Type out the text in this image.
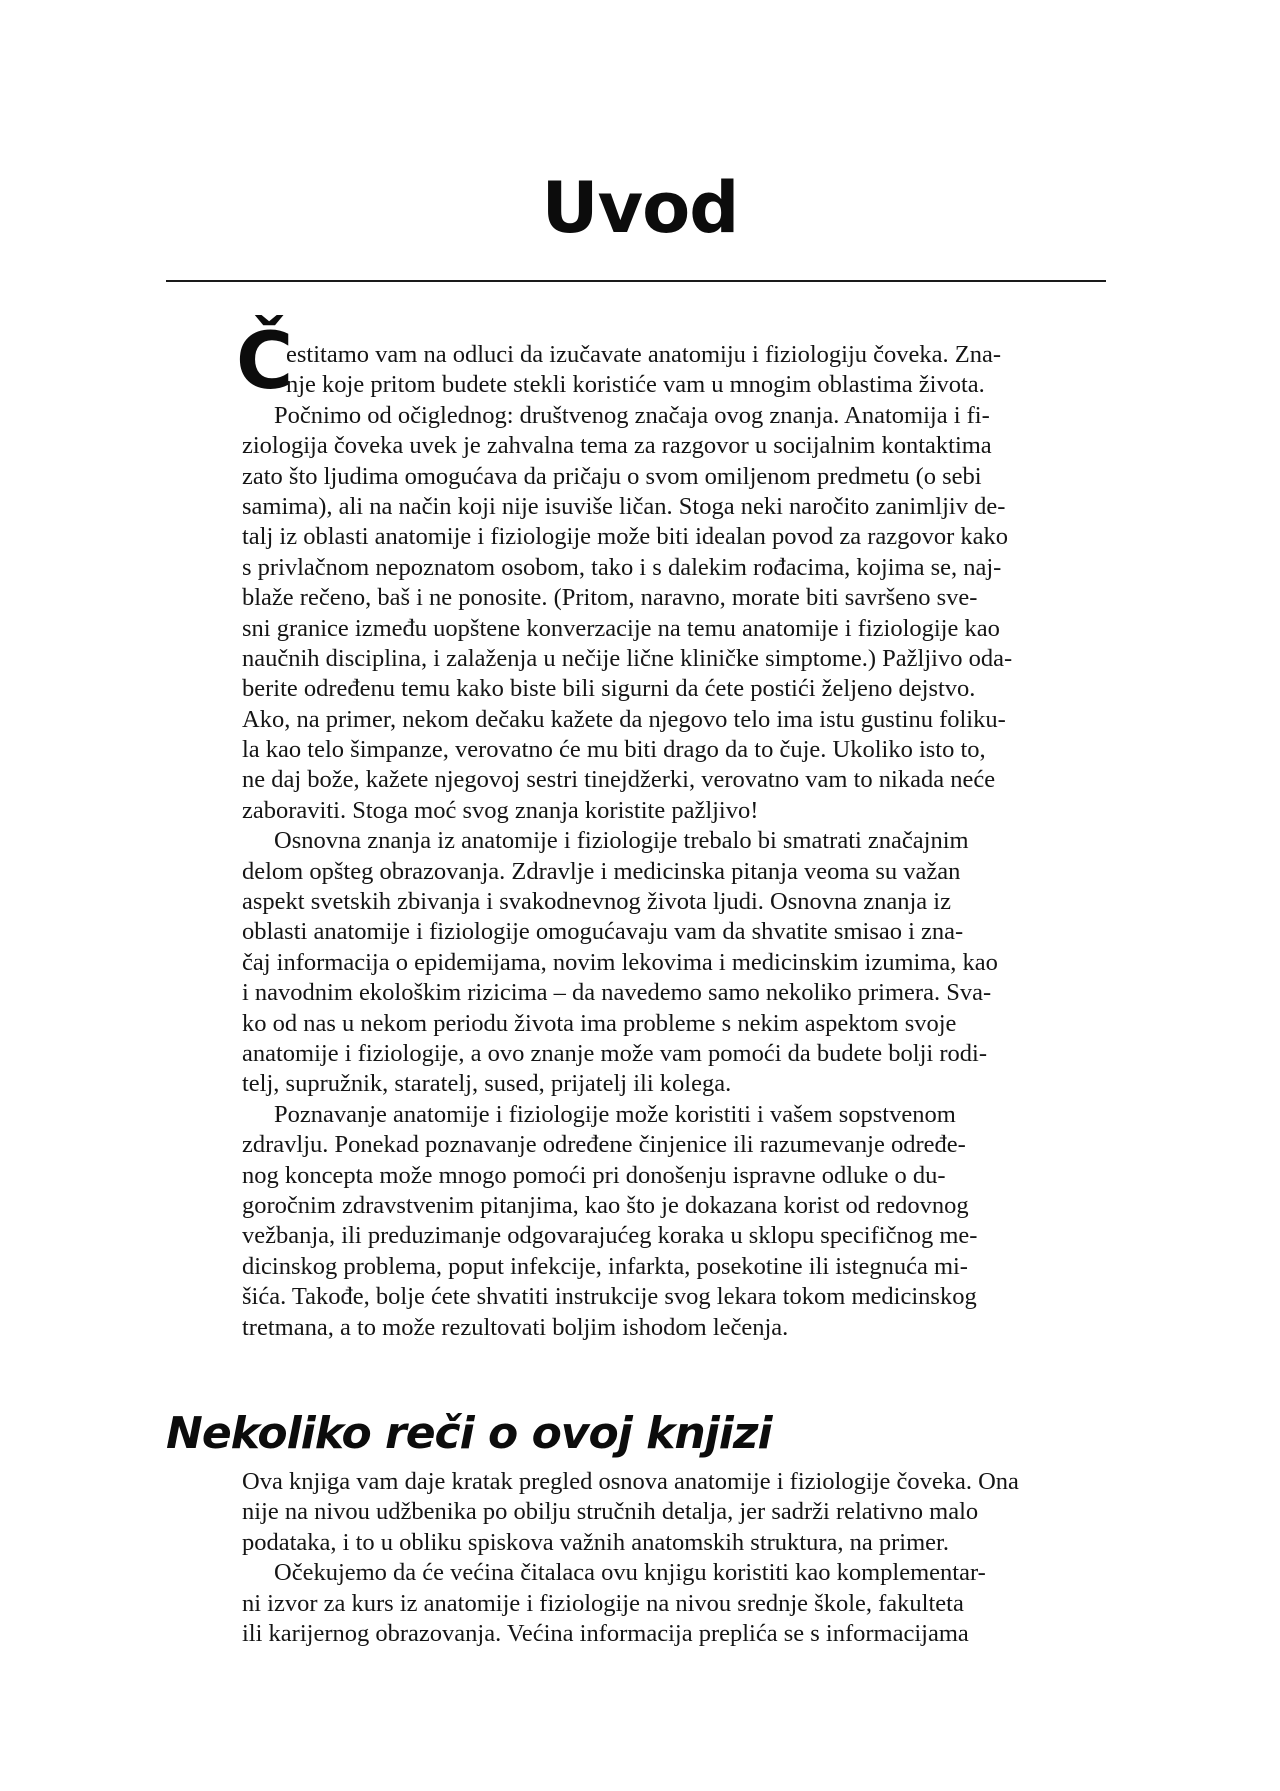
Uvod
Č
estitamo vam na odluci da izučavate anatomiju i fiziologiju čoveka. Zna-
nje koje pritom budete stekli koristiće vam u mnogim oblastima života.
Počnimo od očiglednog: društvenog značaja ovog znanja. Anatomija i fi-
ziologija čoveka uvek je zahvalna tema za razgovor u socijalnim kontaktima
zato što ljudima omogućava da pričaju o svom omiljenom predmetu (o sebi
samima), ali na način koji nije isuviše ličan. Stoga neki naročito zanimljiv de-
talj iz oblasti anatomije i fiziologije može biti idealan povod za razgovor kako
s privlačnom nepoznatom osobom, tako i s dalekim rođacima, kojima se, naj-
blaže rečeno, baš i ne ponosite. (Pritom, naravno, morate biti savršeno sve-
sni granice između uopštene konverzacije na temu anatomije i fiziologije kao
naučnih disciplina, i zalaženja u nečije lične kliničke simptome.) Pažljivo oda-
berite određenu temu kako biste bili sigurni da ćete postići željeno dejstvo.
Ako, na primer, nekom dečaku kažete da njegovo telo ima istu gustinu foliku-
la kao telo šimpanze, verovatno će mu biti drago da to čuje. Ukoliko isto to,
ne daj bože, kažete njegovoj sestri tinejdžerki, verovatno vam to nikada neće
zaboraviti. Stoga moć svog znanja koristite pažljivo!
Osnovna znanja iz anatomije i fiziologije trebalo bi smatrati značajnim
delom opšteg obrazovanja. Zdravlje i medicinska pitanja veoma su važan
aspekt svetskih zbivanja i svakodnevnog života ljudi. Osnovna znanja iz
oblasti anatomije i fiziologije omogućavaju vam da shvatite smisao i zna-
čaj informacija o epidemijama, novim lekovima i medicinskim izumima, kao
i navodnim ekološkim rizicima – da navedemo samo nekoliko primera. Sva-
ko od nas u nekom periodu života ima probleme s nekim aspektom svoje
anatomije i fiziologije, a ovo znanje može vam pomoći da budete bolji rodi-
telj, supružnik, staratelj, sused, prijatelj ili kolega.
Poznavanje anatomije i fiziologije može koristiti i vašem sopstvenom
zdravlju. Ponekad poznavanje određene činjenice ili razumevanje određe-
nog koncepta može mnogo pomoći pri donošenju ispravne odluke o du-
goročnim zdravstvenim pitanjima, kao što je dokazana korist od redovnog
vežbanja, ili preduzimanje odgovarajućeg koraka u sklopu specifičnog me-
dicinskog problema, poput infekcije, infarkta, posekotine ili istegnuća mi-
šića. Takođe, bolje ćete shvatiti instrukcije svog lekara tokom medicinskog
tretmana, a to može rezultovati boljim ishodom lečenja.
Nekoliko reči o ovoj knjizi
Ova knjiga vam daje kratak pregled osnova anatomije i fiziologije čoveka. Ona
nije na nivou udžbenika po obilju stručnih detalja, jer sadrži relativno malo
podataka, i to u obliku spiskova važnih anatomskih struktura, na primer.
Očekujemo da će većina čitalaca ovu knjigu koristiti kao komplementar-
ni izvor za kurs iz anatomije i fiziologije na nivou srednje škole, fakulteta
ili karijernog obrazovanja. Većina informacija preplića se s informacijama
